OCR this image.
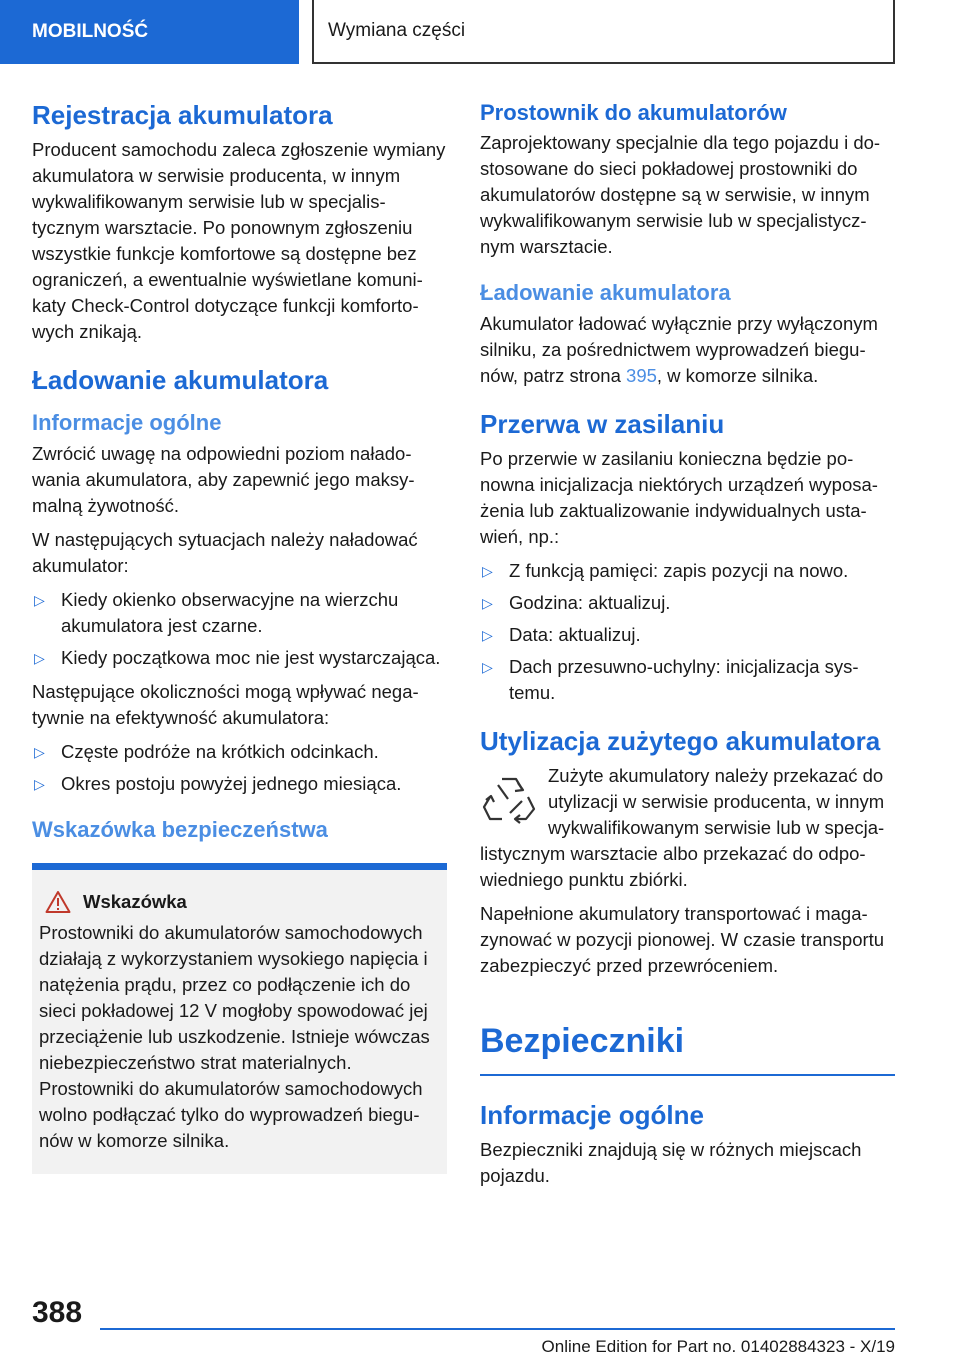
MOBILNOŚĆ	Wymiana części
Rejestracja akumulatora

Producent samochodu zaleca zgłoszenie wymiany akumulatora w serwisie producenta, w innym wykwalifikowanym serwisie lub w specjalistycznym warsztacie. Po ponownym zgłoszeniu wszystkie funkcje komfortowe są dostępne bez ograniczeń, a ewentualnie wyświetlane komunikaty Check-Control dotyczące funkcji komfortowych znikają.

Ładowanie akumulatora
Informacje ogólne

Zwrócić uwagę na odpowiedni poziom naładowania akumulatora, aby zapewnić jego maksymalną żywotność.

W następujących sytuacjach należy naładować akumulator:

▷ Kiedy okienko obserwacyjne na wierzchu akumulatora jest czarne.
▷ Kiedy początkowa moc nie jest wystarczająca.

Następujące okoliczności mogą wpływać negatywnie na efektywność akumulatora:

▷ Częste podróże na krótkich odcinkach.
▷ Okres postoju powyżej jednego miesiąca.
Wskazówka bezpieczeństwa
Wskazówka

Prostowniki do akumulatorów samochodowych działają z wykorzystaniem wysokiego napięcia i natężenia prądu, przez co podłączenie ich do sieci pokładowej 12 V mogłoby spowodować jej przeciążenie lub uszkodzenie. Istnieje wówczas niebezpieczeństwo strat materialnych. Prostowniki do akumulatorów samochodowych wolno podłączać tylko do wyprowadzeń biegunów w komorze silnika.

Prostownik do akumulatorów

Zaprojektowany specjalnie dla tego pojazdu i dostosowane do sieci pokładowej prostowniki do akumulatorów dostępne są w serwisie, w innym wykwalifikowanym serwisie lub w specjalistycznym warsztacie.

Ładowanie akumulatora

Akumulator ładować wyłącznie przy wyłączonym silniku, za pośrednictwem wyprowadzeń biegunów, patrz strona 395, w komorze silnika.

Przerwa w zasilaniu

Po przerwie w zasilaniu konieczna będzie ponowna inicjalizacja niektórych urządzeń wyposażenia lub zaktualizowanie indywidualnych ustawień, np.:

▷ Z funkcją pamięci: zapis pozycji na nowo.
▷ Godzina: aktualizuj.
▷ Data: aktualizuj.
▷ Dach przesuwno-uchylny: inicjalizacja systemu.
Utylizacja zużytego akumulatora

Zużyte akumulatory należy przekazać do utylizacji w serwisie producenta, w innym wykwalifikowanym serwisie lub w specjalistycznym warsztacie albo przekazać do odpowiedniego punktu zbiórki.

Napełnione akumulatory transportować i magazynować w pozycji pionowej. W czasie transportu zabezpieczyć przed przewróceniem.

Bezpieczniki
Informacje ogólne

Bezpieczniki znajdują się w różnych miejscach pojazdu.

388
Online Edition for Part no. 01402884323 - X/19
